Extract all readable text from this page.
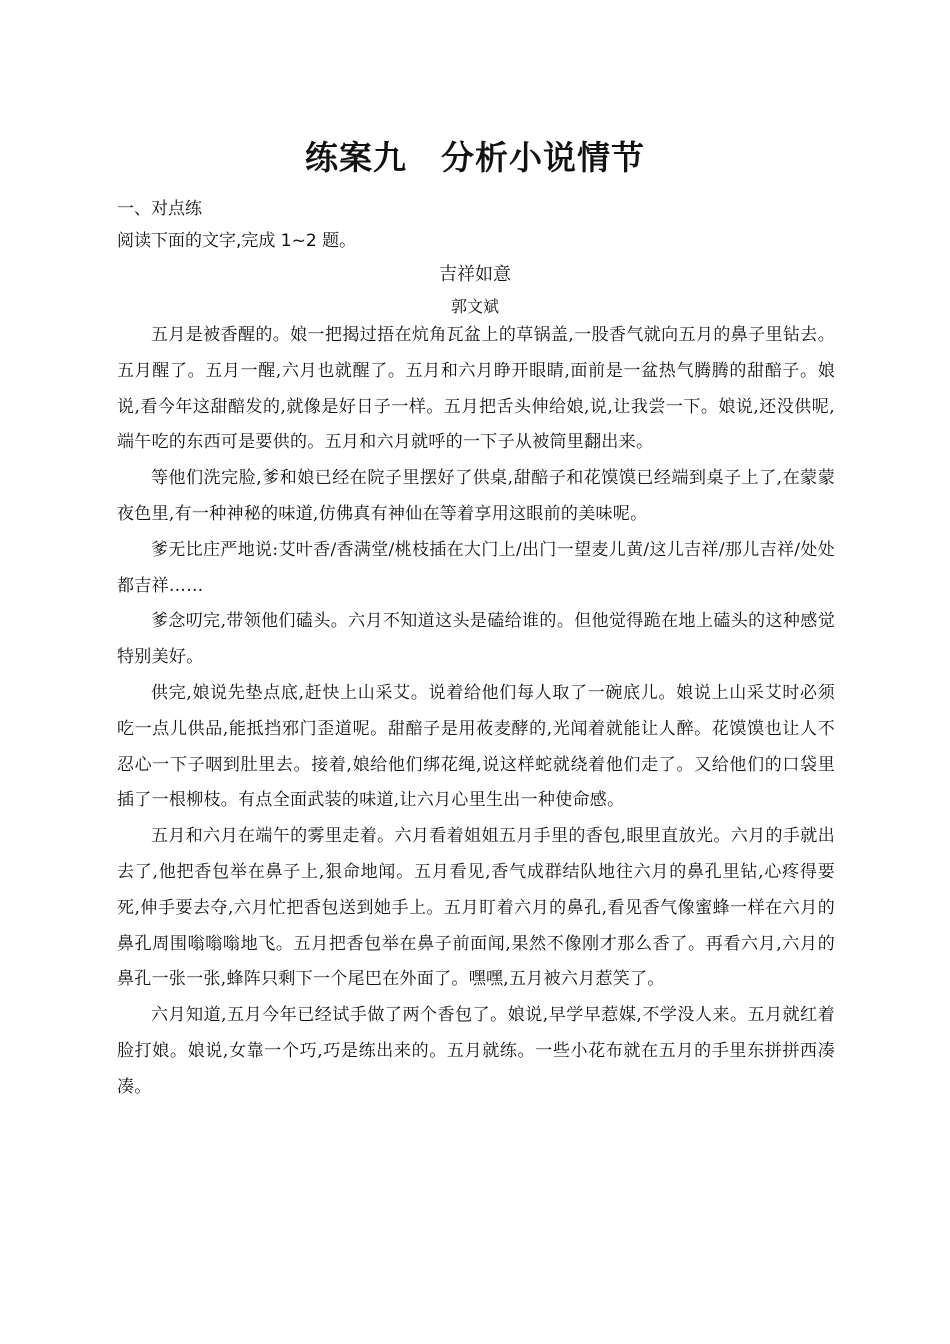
练案九　分析小说情节

一、对点练

阅读下面的文字,完成 1~2 题。

吉祥如意

郭文斌

五月是被香醒的。娘一把揭过捂在炕角瓦盆上的草锅盖,一股香气就向五月的鼻子里钻去。五月醒了。五月一醒,六月也就醒了。五月和六月睁开眼睛,面前是一盆热气腾腾的甜醅子。娘说,看今年这甜醅发的,就像是好日子一样。五月把舌头伸给娘,说,让我尝一下。娘说,还没供呢,端午吃的东西可是要供的。五月和六月就呼的一下子从被筒里翻出来。

等他们洗完脸,爹和娘已经在院子里摆好了供桌,甜醅子和花馍馍已经端到桌子上了,在蒙蒙夜色里,有一种神秘的味道,仿佛真有神仙在等着享用这眼前的美味呢。

爹无比庄严地说:艾叶香/香满堂/桃枝插在大门上/出门一望麦儿黄/这儿吉祥/那儿吉祥/处处都吉祥……

爹念叨完,带领他们磕头。六月不知道这头是磕给谁的。但他觉得跪在地上磕头的这种感觉特别美好。

供完,娘说先垫点底,赶快上山采艾。说着给他们每人取了一碗底儿。娘说上山采艾时必须吃一点儿供品,能抵挡邪门歪道呢。甜醅子是用莜麦酵的,光闻着就能让人醉。花馍馍也让人不忍心一下子咽到肚里去。接着,娘给他们绑花绳,说这样蛇就绕着他们走了。又给他们的口袋里插了一根柳枝。有点全面武装的味道,让六月心里生出一种使命感。

五月和六月在端午的雾里走着。六月看着姐姐五月手里的香包,眼里直放光。六月的手就出去了,他把香包举在鼻子上,狠命地闻。五月看见,香气成群结队地往六月的鼻孔里钻,心疼得要死,伸手要去夺,六月忙把香包送到她手上。五月盯着六月的鼻孔,看见香气像蜜蜂一样在六月的鼻孔周围嗡嗡嗡地飞。五月把香包举在鼻子前面闻,果然不像刚才那么香了。再看六月,六月的鼻孔一张一张,蜂阵只剩下一个尾巴在外面了。嘿嘿,五月被六月惹笑了。

六月知道,五月今年已经试手做了两个香包了。娘说,早学早惹媒,不学没人来。五月就红着脸打娘。娘说,女靠一个巧,巧是练出来的。五月就练。一些小花布就在五月的手里东拼拼西凑凑。
